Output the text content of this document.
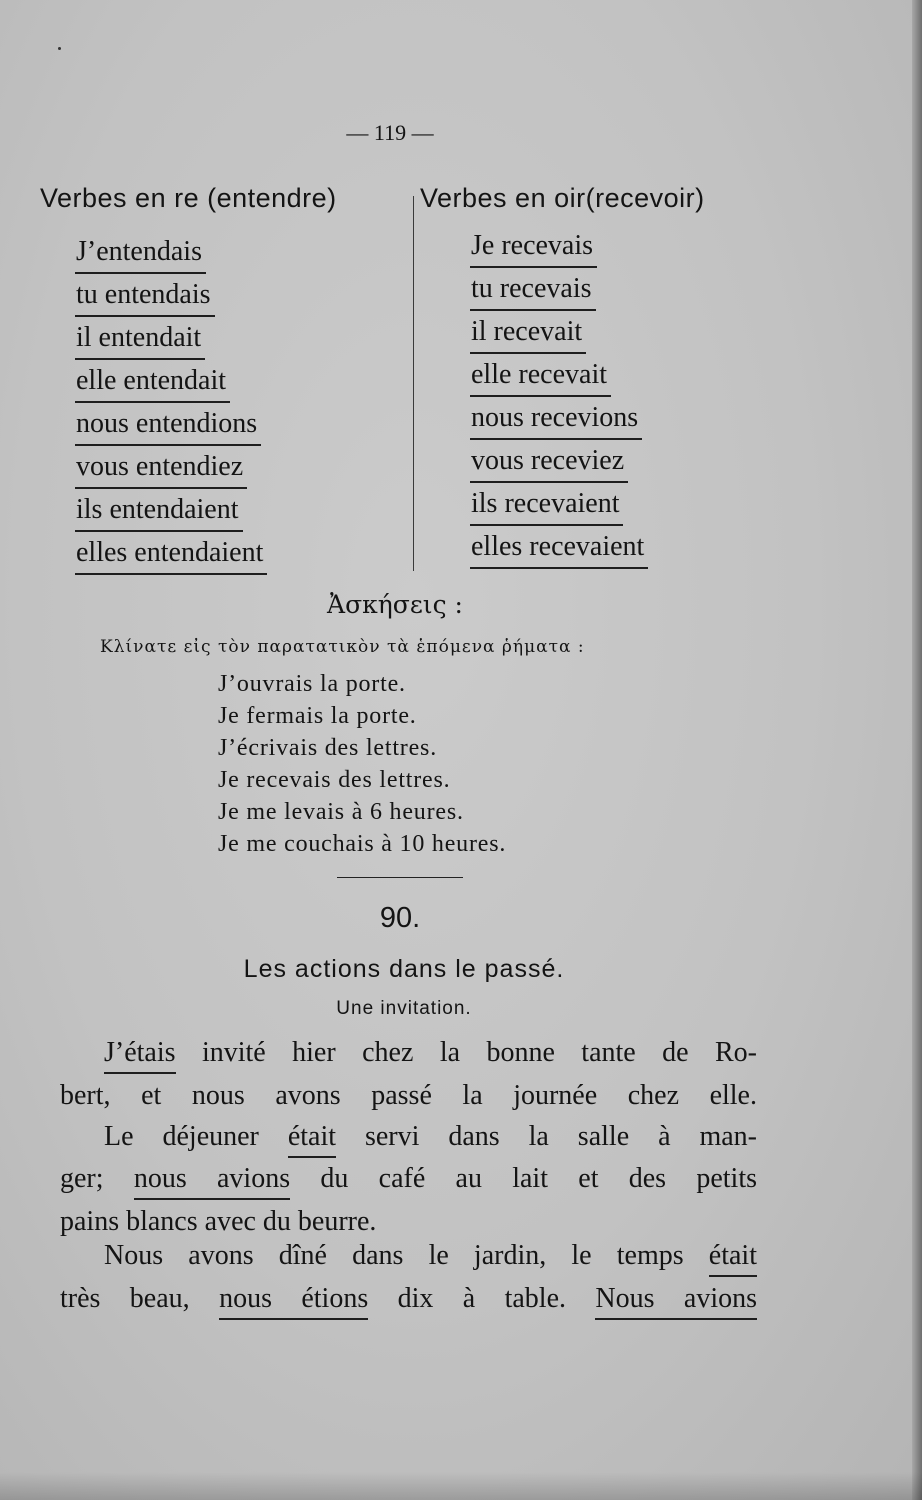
— 119 —
Verbes en re (entendre)	Verbes en oir(recevoir)
J’entendais
tu entendais
il entendait
elle entendait
nous entendions
vous entendiez
ils entendaient
elles entendaient
Je recevais
tu recevais
il recevait
elle recevait
nous recevions
vous receviez
ils recevaient
elles recevaient
Ἀσκήσεις :
Κλίνατε εἰς τὸν παρατατικὸν τὰ ἑπόμενα ῥήματα :
J’ouvrais la porte.
Je fermais la porte.
J’écrivais des lettres.
Je recevais des lettres.
Je me levais à 6 heures.
Je me couchais à 10 heures.
90.
Les actions dans le passé.
Une invitation.
J’étais invité hier chez la bonne tante de Ro-
bert, et nous avons passé la journée chez elle.
Le déjeuner était servi dans la salle à man-
ger; nous avions du café au lait et des petits
pains blancs avec du beurre.
Nous avons dîné dans le jardin, le temps était
très beau, nous étions dix à table. Nous avions
